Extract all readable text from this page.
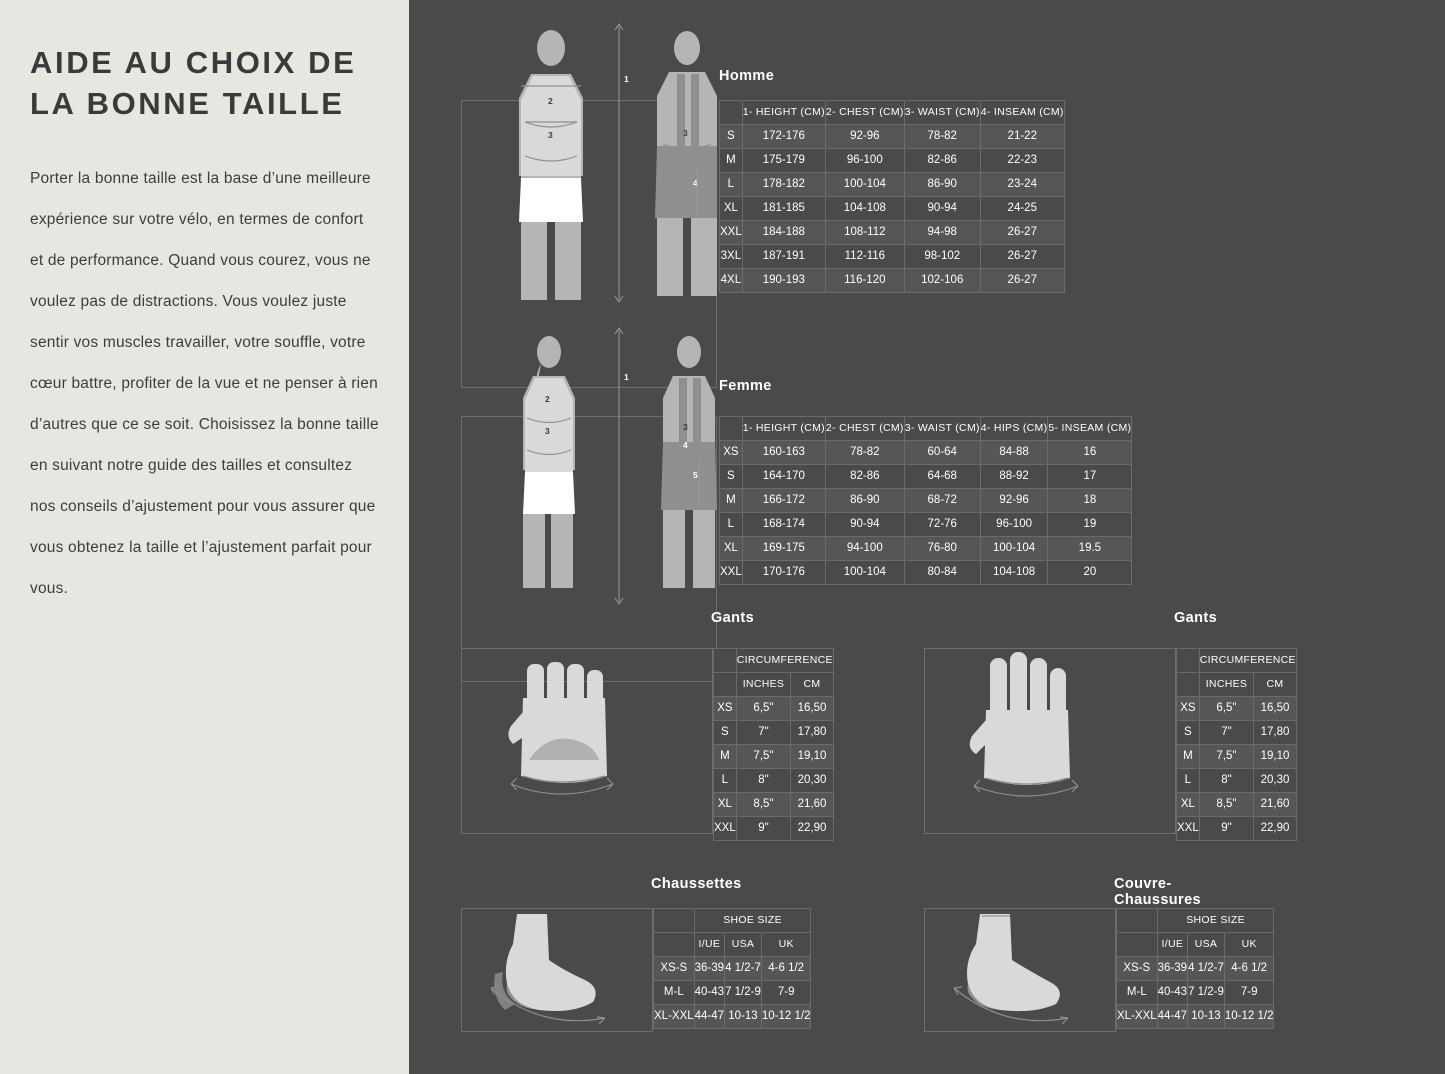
AIDE AU CHOIX DE LA BONNE TAILLE

Porter la bonne taille est la base d’une meilleure expérience sur votre vélo, en termes de confort et de performance. Quand vous courez, vous ne voulez pas de distractions. Vous voulez juste sentir vos muscles travailler, votre souffle, votre cœur battre, profiter de la vue et ne penser à rien d’autres que ce se soit. Choisissez la bonne taille en suivant notre guide des tailles et consultez nos conseils d’ajustement pour vous assurer que vous obtenez la taille et l’ajustement parfait pour vous.

2
3
1
3
4
Homme
	1- HEIGHT (CM)	2- CHEST (CM)	3- WAIST (CM)	4- INSEAM (CM)
S	172-176	92-96	78-82	21-22
M	175-179	96-100	82-86	22-23
L	178-182	100-104	86-90	23-24
XL	181-185	104-108	90-94	24-25
XXL	184-188	108-112	94-98	26-27
3XL	187-191	112-116	98-102	26-27
4XL	190-193	116-120	102-106	26-27
2
3
1
3
4
5
Femme
	1- HEIGHT (CM)	2- CHEST (CM)	3- WAIST (CM)	4- HIPS (CM)	5- INSEAM (CM)
XS	160-163	78-82	60-64	84-88	16
S	164-170	82-86	64-68	88-92	17
M	166-172	86-90	68-72	92-96	18
L	168-174	90-94	72-76	96-100	19
XL	169-175	94-100	76-80	100-104	19.5
XXL	170-176	100-104	80-84	104-108	20
Gants
	CIRCUMFERENCE	
	INCHES	CM
XS	6,5"	16,50
S	7"	17,80
M	7,5"	19,10
L	8"	20,30
XL	8,5"	21,60
XXL	9"	22,90
Gants
	CIRCUMFERENCE	
	INCHES	CM
XS	6,5"	16,50
S	7"	17,80
M	7,5"	19,10
L	8"	20,30
XL	8,5"	21,60
XXL	9"	22,90
Chaussettes
	SHOE SIZE		
	I/UE	USA	UK
XS-S	36-39	4 1/2-7	4-6 1/2
M-L	40-43	7 1/2-9	7-9
XL-XXL	44-47	10-13	10-12 1/2
Couvre-Chaussures
	SHOE SIZE		
	I/UE	USA	UK
XS-S	36-39	4 1/2-7	4-6 1/2
M-L	40-43	7 1/2-9	7-9
XL-XXL	44-47	10-13	10-12 1/2
